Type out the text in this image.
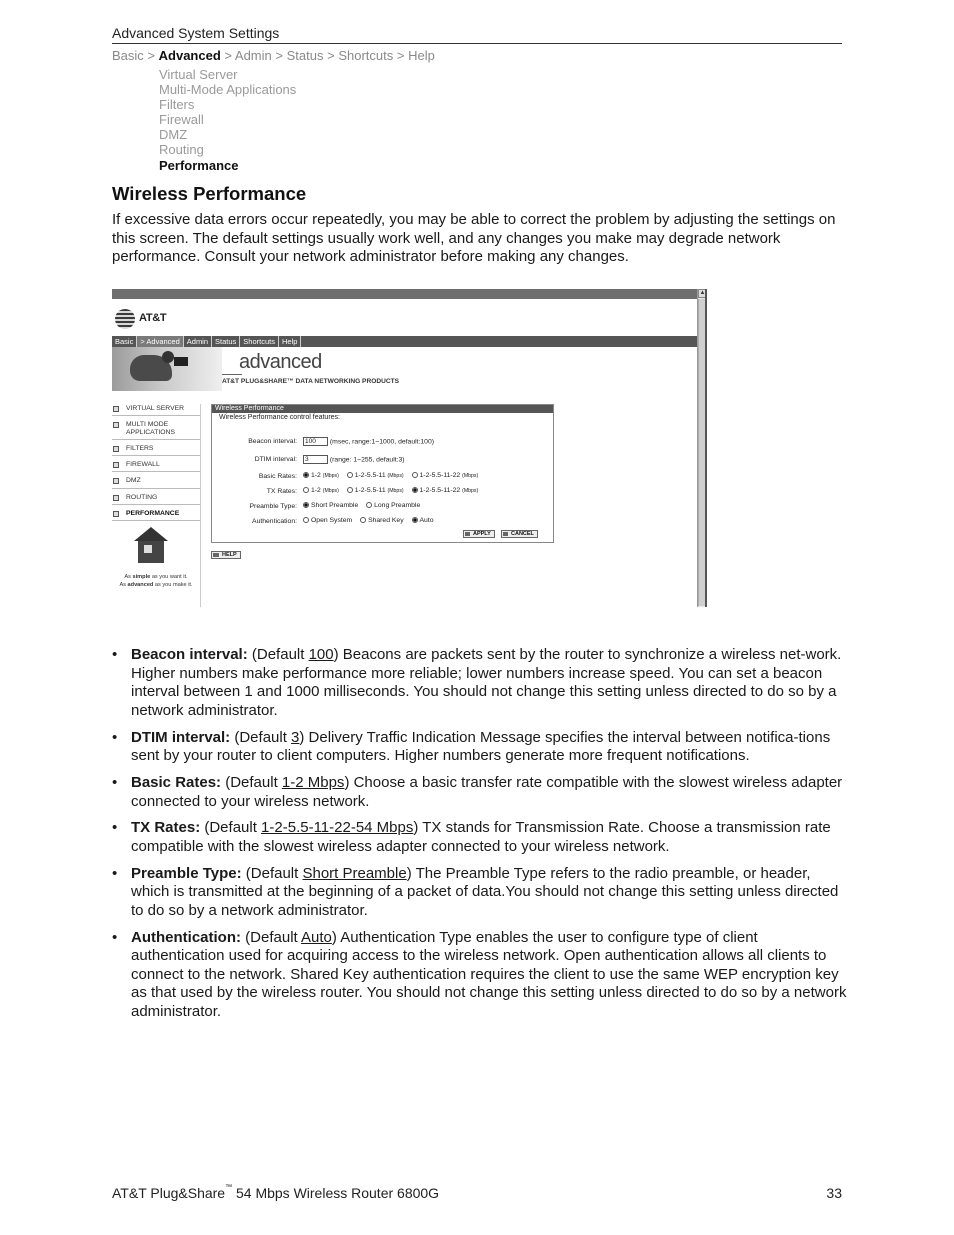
Advanced System Settings
Basic > Advanced > Admin > Status > Shortcuts > Help
Virtual Server
Multi-Mode Applications
Filters
Firewall
DMZ
Routing
Performance
Wireless Performance

If excessive data errors occur repeatedly, you may be able to correct the problem by adjusting the settings on this screen. The default settings usually work well, and any changes you make may degrade network performance. Consult your network administrator before making any changes.

▲
AT&T
Basic > Advanced Admin Status Shortcuts Help
advanced
AT&T PLUG&SHARE™ DATA NETWORKING PRODUCTS
VIRTUAL SERVER
MULTI MODE APPLICATIONS
FILTERS
FIREWALL
DMZ
ROUTING
PERFORMANCE
As simple as you want it.
As advanced as you make it.
Wireless Performance
Wireless Performance control features:
Beacon interval:	100 (msec, range:1~1000, default:100)
DTIM interval:	3	(range: 1~255, default:3)
Basic Rates:	1-2 (Mbps) 1-2-5.5-11 (Mbps) 1-2-5.5-11-22 (Mbps)
TX Rates:	1-2 (Mbps) 1-2-5.5-11 (Mbps) 1-2-5.5-11-22 (Mbps)
Preamble Type:	Short Preamble Long Preamble
Authentication:	Open System Shared Key Auto
APPLY	CANCEL
HELP
• Beacon interval: (Default 100) Beacons are packets sent by the router to synchronize a wireless net-work. Higher numbers make performance more reliable; lower numbers increase speed. You can set a beacon interval between 1 and 1000 milliseconds. You should not change this setting unless directed to do so by a network administrator.
• DTIM interval: (Default 3) Delivery Traffic Indication Message specifies the interval between notifica-tions sent by your router to client computers. Higher numbers generate more frequent notifications.
• Basic Rates: (Default 1-2 Mbps) Choose a basic transfer rate compatible with the slowest wireless adapter connected to your wireless network.
• TX Rates: (Default 1-2-5.5-11-22-54 Mbps) TX stands for Transmission Rate. Choose a transmission rate compatible with the slowest wireless adapter connected to your wireless network.
• Preamble Type: (Default Short Preamble) The Preamble Type refers to the radio preamble, or header, which is transmitted at the beginning of a packet of data.You should not change this setting unless directed to do so by a network administrator.
• Authentication: (Default Auto) Authentication Type enables the user to configure type of client authentication used for acquiring access to the wireless network. Open authentication allows all clients to connect to the network. Shared Key authentication requires the client to use the same WEP encryption key as that used by the wireless router. You should not change this setting unless directed to do so by a network administrator.
AT&T Plug&Share™ 54 Mbps Wireless Router 6800G	33
